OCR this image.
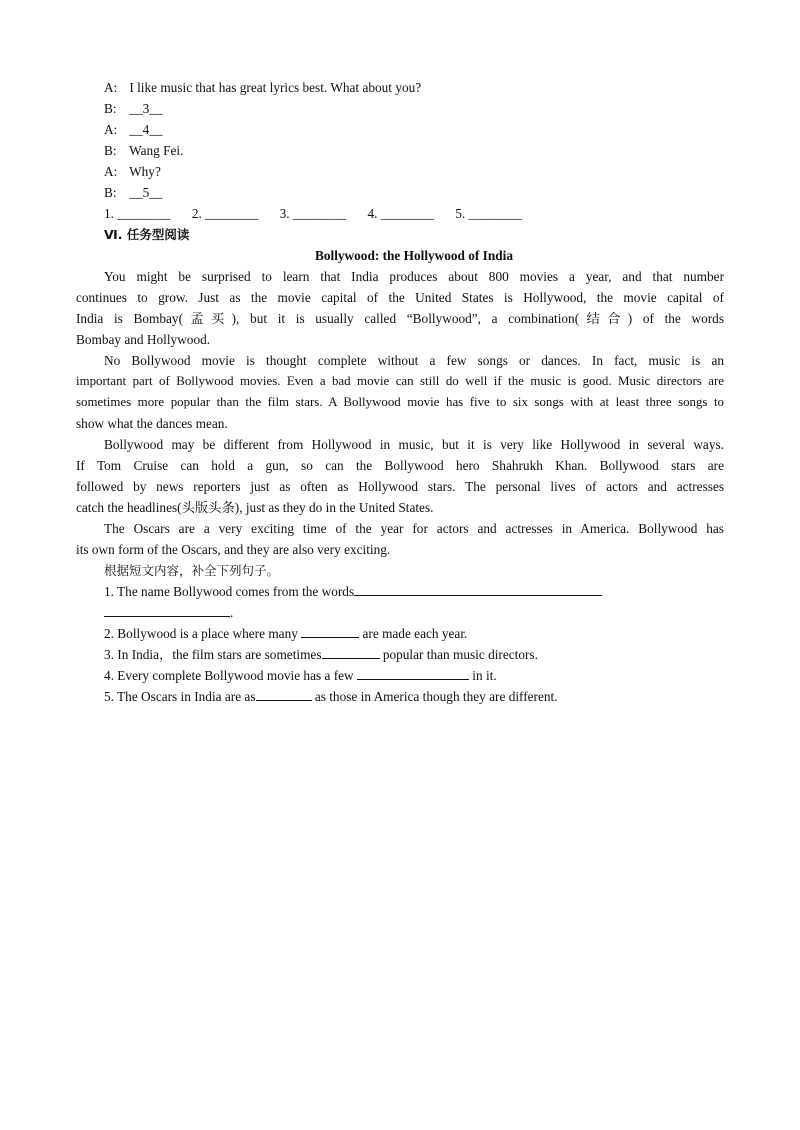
A: I like music that has great lyrics best. What about you?
B: __3__
A: __4__
B: Wang Fei.
A: Why?
B: __5__
1. ________ 2. ________ 3. ________ 4. ________ 5. ________
Ⅵ. 任务型阅读
Bollywood: the Hollywood of India
You might be surprised to learn that India produces about 800 movies a year, and that number
continues to grow. Just as the movie capital of the United States is Hollywood, the movie capital of
India is Bombay(孟买), but it is usually called “Bollywood”, a combination(结合) of the words
Bombay and Hollywood.
No Bollywood movie is thought complete without a few songs or dances. In fact, music is an
important part of Bollywood movies. Even a bad movie can still do well if the music is good. Music directors are
sometimes more popular than the film stars. A Bollywood movie has five to six songs with at least three songs to
show what the dances mean.
Bollywood may be different from Hollywood in music, but it is very like Hollywood in several ways.
If Tom Cruise can hold a gun, so can the Bollywood hero Shahrukh Khan. Bollywood stars are
followed by news reporters just as often as Hollywood stars. The personal lives of actors and actresses
catch the headlines(头版头条), just as they do in the United States.
The Oscars are a very exciting time of the year for actors and actresses in America. Bollywood has
its own form of the Oscars, and they are also very exciting.
根据短文内容，补全下列句子。
1. The name Bollywood comes from the words
.
2. Bollywood is a place where many	are made each year.
3. In India，the film stars are sometimes	popular than music directors.
4. Every complete Bollywood movie has a few	in it.
5. The Oscars in India are as	as those in America though they are different.
